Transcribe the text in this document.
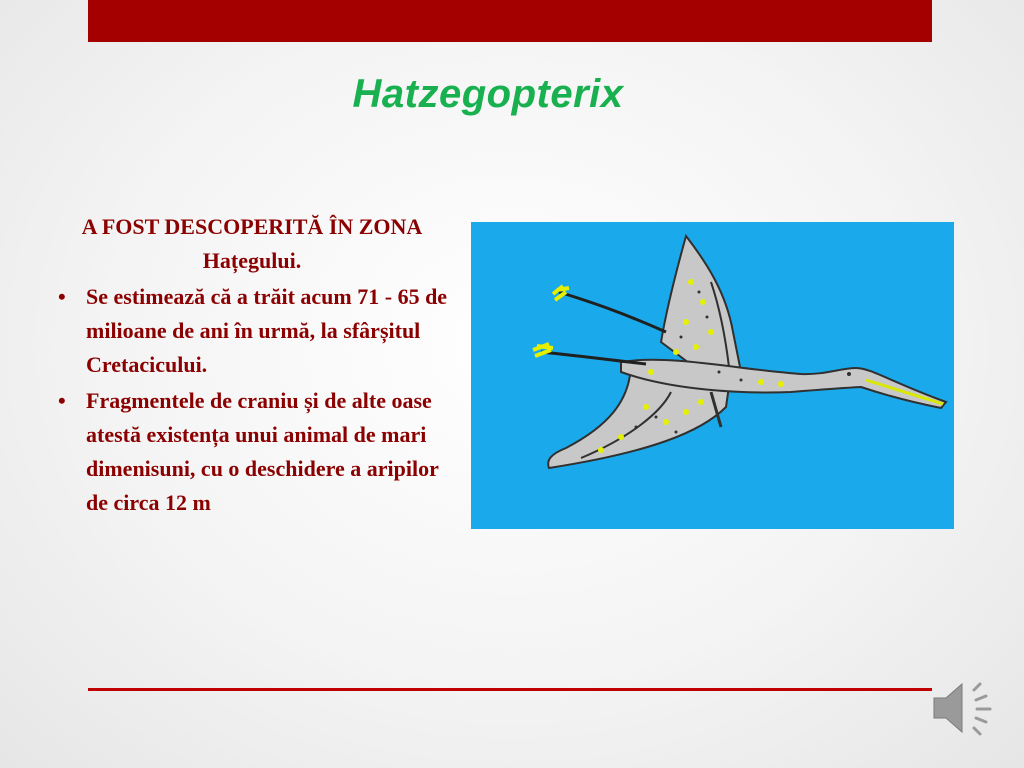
Hatzegopterix
A FOST DESCOPERITĂ ÎN ZONA Hațegului.
• Se estimează că a trăit acum 71 - 65 de milioane de ani în urmă, la sfârșitul Cretacicului.
• Fragmentele de craniu și de alte oase atestă existența unui animal de mari dimenisuni, cu o deschidere a aripilor de circa 12 m
